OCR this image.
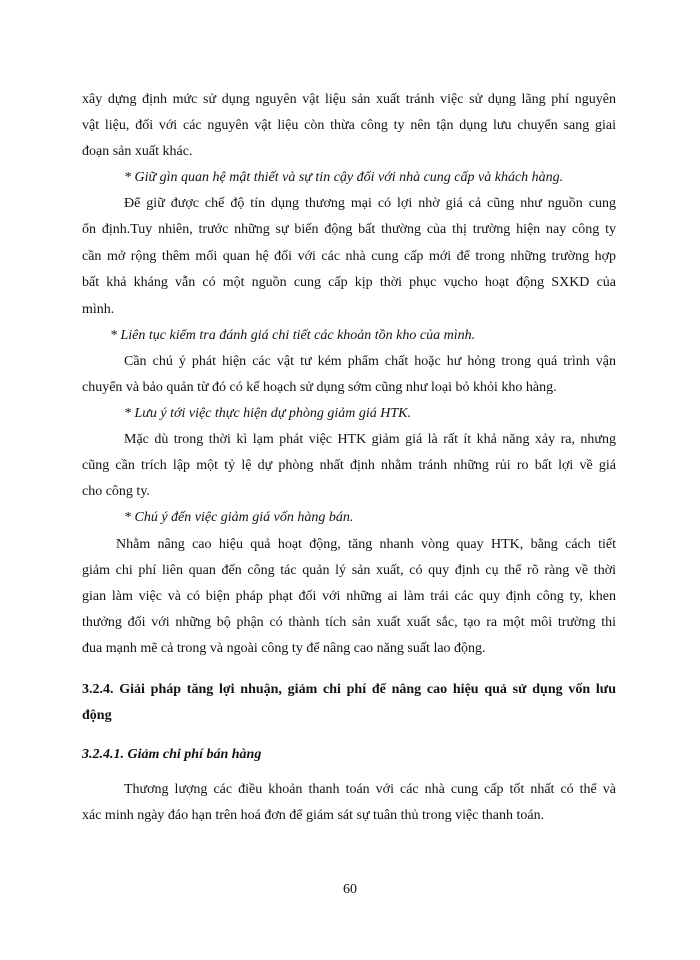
xây dựng định mức sử dụng nguyên vật liệu sản xuất tránh việc sử dụng lãng phí nguyên
vật liệu, đối với các nguyên vật liệu còn thừa công ty nên tận dụng lưu chuyển sang giai
đoạn sản xuất khác.
* Giữ gìn quan hệ mật thiết và sự tin cậy đối với nhà cung cấp và khách hàng.
Để giữ được chế độ tín dụng thương mại có lợi nhờ giá cả cũng như nguồn cung
ổn định.Tuy nhiên, trước những sự biến động bất thường của thị trường hiện nay công ty
cần mở rộng thêm mối quan hệ đối với các nhà cung cấp mới để trong những trường hợp
bất khả kháng vẫn có một nguồn cung cấp kịp thời phục vụcho hoạt động SXKD của
mình.
* Liên tục kiểm tra đánh giá chi tiết các khoản tồn kho của mình.
Cần chú ý phát hiện các vật tư kém phẩm chất hoặc hư hỏng trong quá trình vận
chuyển và bảo quản từ đó có kế hoạch sử dụng sớm cũng như loại bỏ khỏi kho hàng.
* Lưu ý tới việc thực hiện dự phòng giảm giá HTK.
Mặc dù trong thời kì lạm phát việc HTK giảm giá là rất ít khả năng xảy ra, nhưng
cũng cần trích lập một tỷ lệ dự phòng nhất định nhằm tránh những rủi ro bất lợi về giá
cho công ty.
* Chú ý đến việc giảm giá vốn hàng bán.
Nhằm nâng cao hiệu quả hoạt động, tăng nhanh vòng quay HTK, bằng cách tiết
giảm chi phí liên quan đến công tác quản lý sản xuất, có quy định cụ thể rõ ràng về thời
gian làm việc và có biện pháp phạt đối với những ai làm trái các quy định công ty, khen
thưởng đối với những bộ phận có thành tích sản xuất xuất sắc, tạo ra một môi trường thi
đua mạnh mẽ cả trong và ngoài công ty để nâng cao năng suất lao động.
3.2.4. Giải pháp tăng lợi nhuận, giảm chi phí để nâng cao hiệu quả sử dụng vốn lưu
động
3.2.4.1. Giảm chi phí bán hàng
Thương lượng các điều khoản thanh toán với các nhà cung cấp tốt nhất có thể và
xác minh ngày đáo hạn trên hoá đơn để giám sát sự tuân thủ trong việc thanh toán.
60
